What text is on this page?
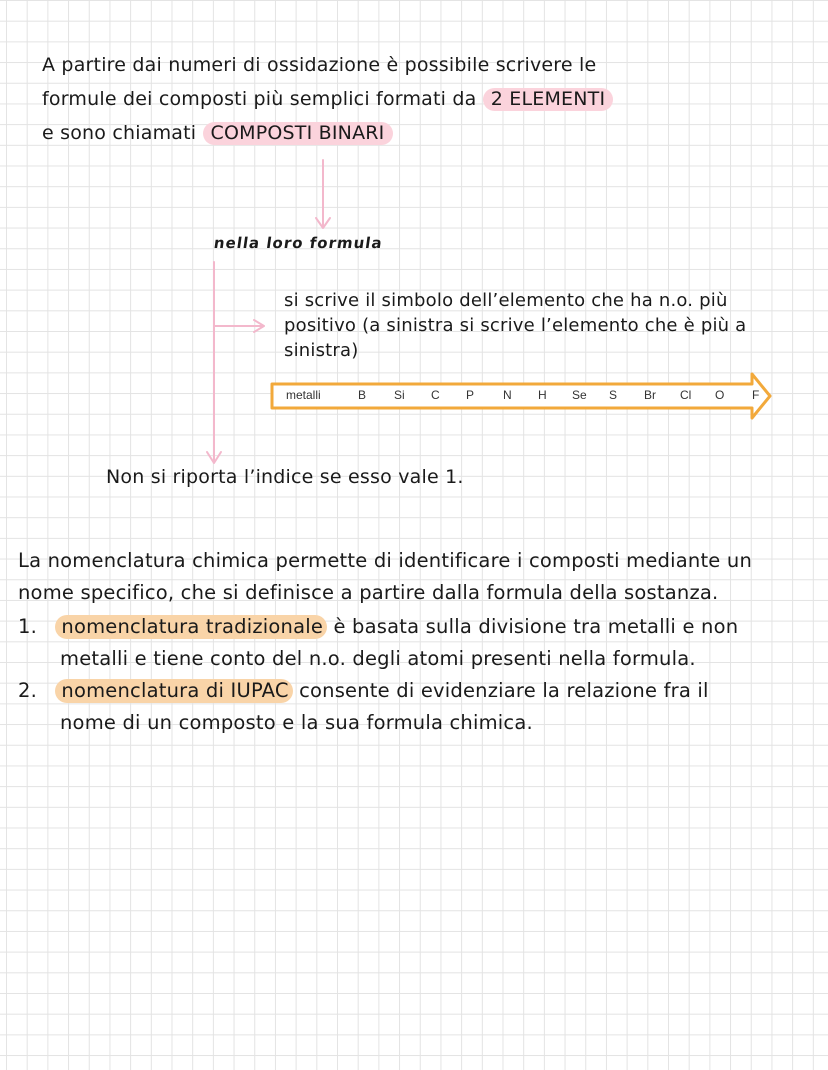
A partire dai numeri di ossidazione è possibile scrivere le
formule dei composti più semplici formati da 2 ELEMENTI
e sono chiamati COMPOSTI BINARI
nella loro formula
si scrive il simbolo dell’elemento che ha n.o. più
positivo (a sinistra si scrive l’elemento che è più a
sinistra)
metalli	B Si C P N H Se S Br Cl O F
Non si riporta l’indice se esso vale 1.
La nomenclatura chimica permette di identificare i composti mediante un
nome specifico, che si definisce a partire dalla formula della sostanza.
1. nomenclatura tradizionale è basata sulla divisione tra metalli e non
metalli e tiene conto del n.o. degli atomi presenti nella formula.
2. nomenclatura di IUPAC consente di evidenziare la relazione fra il
nome di un composto e la sua formula chimica.
